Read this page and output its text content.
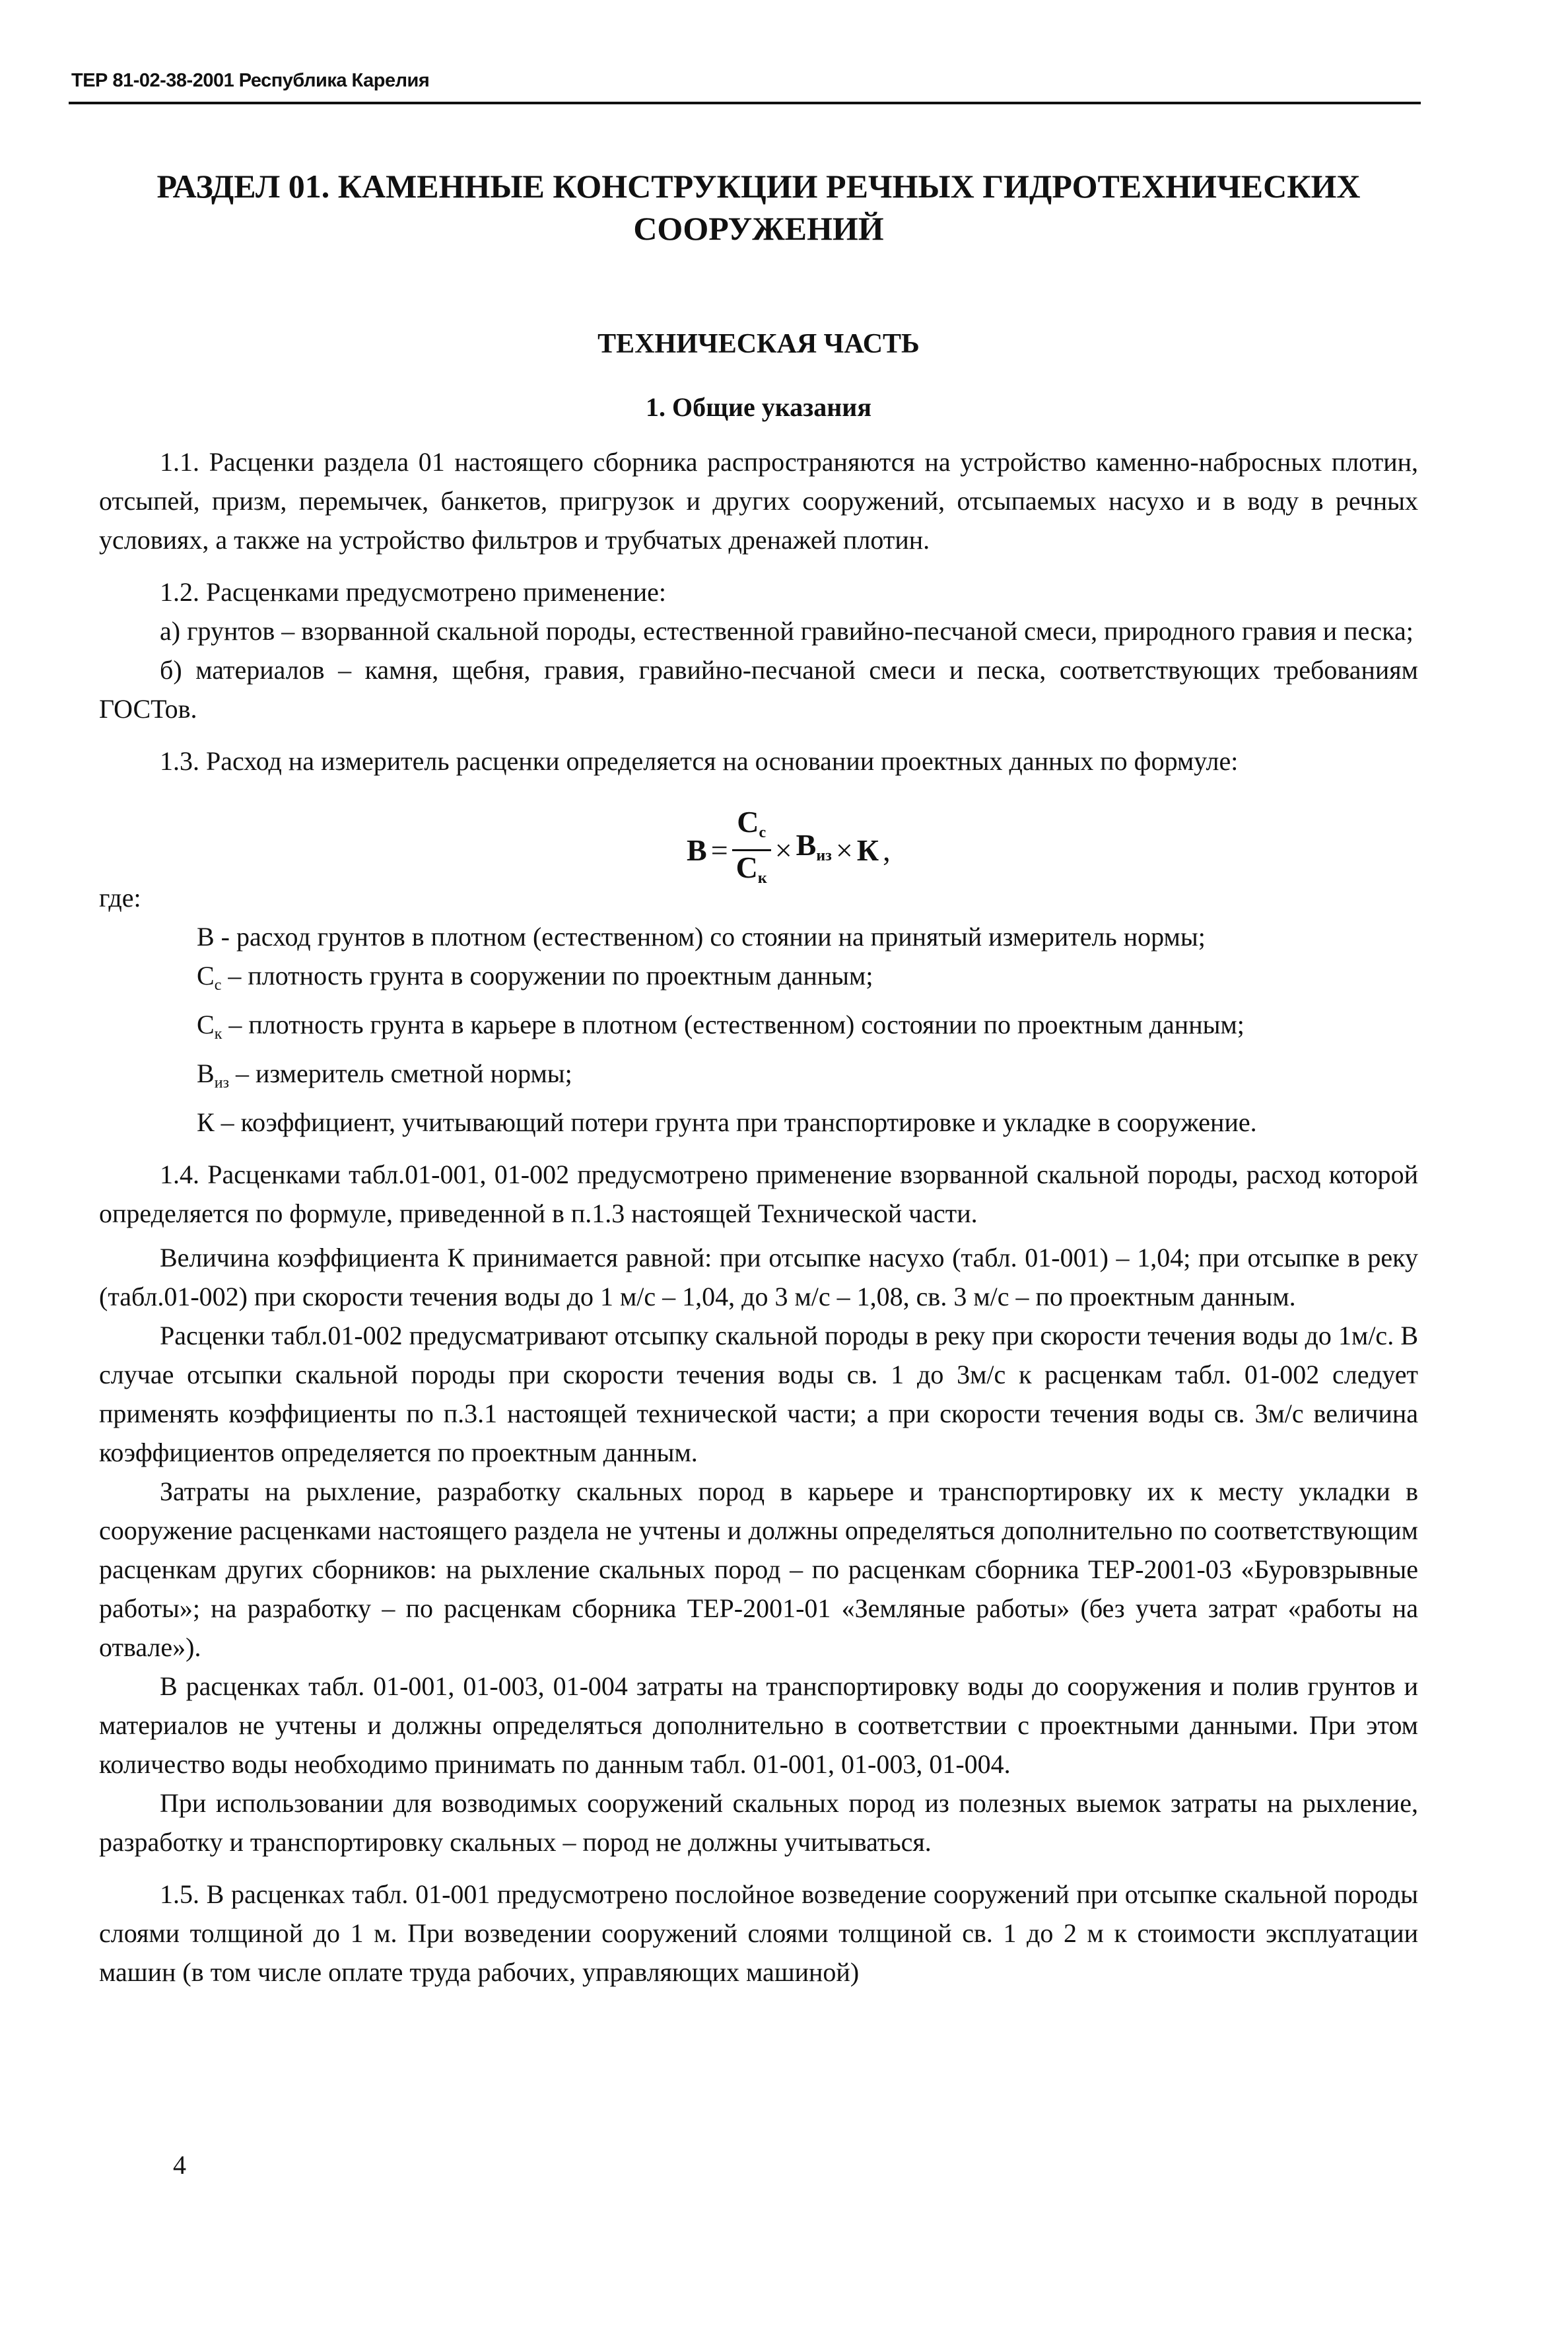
ТЕР 81-02-38-2001 Республика Карелия
РАЗДЕЛ 01. КАМЕННЫЕ КОНСТРУКЦИИ РЕЧНЫХ ГИДРОТЕХНИЧЕСКИХ СООРУЖЕНИЙ
ТЕХНИЧЕСКАЯ ЧАСТЬ
1. Общие указания

1.1. Расценки раздела 01 настоящего сборника распространяются на устройство каменно-набросных плотин, отсыпей, призм, перемычек, банкетов, пригрузок и других сооружений, отсыпаемых насухо и в воду в речных условиях, а также на устройство фильтров и трубчатых дренажей плотин.

1.2. Расценками предусмотрено применение:

а) грунтов – взорванной скальной породы, естественной гравийно-песчаной смеси, природного гравия и песка;

б) материалов – камня, щебня, гравия, гравийно-песчаной смеси и песка, соответствующих требованиям ГОСТов.

1.3. Расход на измеритель расценки определяется на основании проектных данных по формуле:

$В = \frac{С_с}{С_к} \times В_{из} \times К$ ,

где:

В - расход грунтов в плотном (естественном) со стоянии на принятый измеритель нормы;

$С_с$ – плотность грунта в сооружении по проектным данным;

$С_к$ – плотность грунта в карьере в плотном (естественном) состоянии по проектным данным;

$В_{из}$ – измеритель сметной нормы;

К – коэффициент, учитывающий потери грунта при транспортировке и укладке в сооружение.

1.4. Расценками табл.01-001, 01-002 предусмотрено применение взорванной скальной породы, расход которой определяется по формуле, приведенной в п.1.3 настоящей Технической части.

Величина коэффициента К принимается равной: при отсыпке насухо (табл. 01-001) – 1,04; при отсыпке в реку (табл.01-002) при скорости течения воды до 1 м/с – 1,04, до 3 м/с – 1,08, св. 3 м/с – по проектным данным.

Расценки табл.01-002 предусматривают отсыпку скальной породы в реку при скорости течения воды до 1м/с. В случае отсыпки скальной породы при скорости течения воды св. 1 до 3м/с к расценкам табл. 01-002 следует применять коэффициенты по п.3.1 настоящей технической части; а при скорости течения воды св. 3м/с величина коэффициентов определяется по проектным данным.

Затраты на рыхление, разработку скальных пород в карьере и транспортировку их к месту укладки в сооружение расценками настоящего раздела не учтены и должны определяться дополнительно по соответствующим расценкам других сборников: на рыхление скальных пород – по расценкам сборника ТЕР-2001-03 «Буровзрывные работы»; на разработку – по расценкам сборника ТЕР-2001-01 «Земляные работы» (без учета затрат «работы на отвале»).

В расценках табл. 01-001, 01-003, 01-004 затраты на транспортировку воды до сооружения и полив грунтов и материалов не учтены и должны определяться дополнительно в соответствии с проектными данными. При этом количество воды необходимо принимать по данным табл. 01-001, 01-003, 01-004.

При использовании для возводимых сооружений скальных пород из полезных выемок затраты на рыхление, разработку и транспортировку скальных – пород не должны учитываться.

1.5. В расценках табл. 01-001 предусмотрено послойное возведение сооружений при отсыпке скальной породы слоями толщиной до 1 м. При возведении сооружений слоями толщиной св. 1 до 2 м к стоимости эксплуатации машин (в том числе оплате труда рабочих, управляющих машиной)

4
